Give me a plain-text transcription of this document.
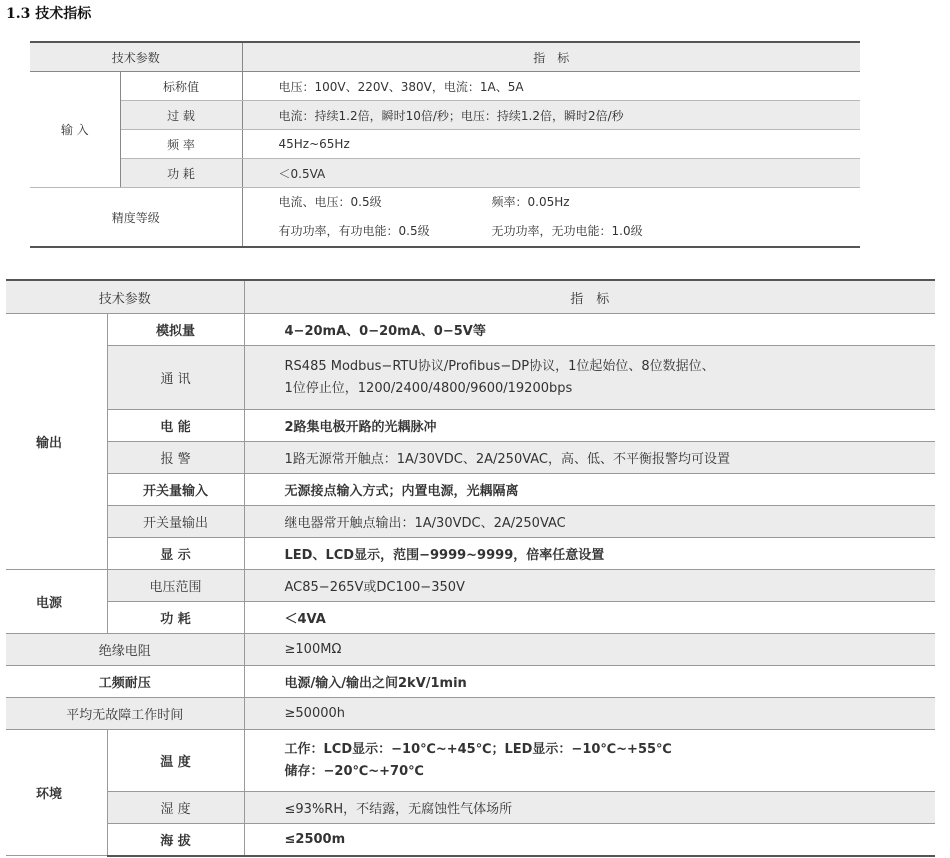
1.3 技术指标
技术参数		指　标
输 入	标称值	电压：100V、220V、380V，电流：1A、5A
	过 载	电流：持续1.2倍，瞬时10倍/秒；电压：持续1.2倍，瞬时2倍/秒
	频 率	45Hz~65Hz
	功 耗	＜0.5VA
精度等级		电流、电压：0.5级 频率：0.05Hz
有功功率，有功电能：0.5级 无功功率，无功电能：1.0级
技术参数		指　标
输出	模拟量	4−20mA、0−20mA、0−5V等
	通 讯	RS485 Modbus−RTU协议/Profibus−DP协议，1位起始位、8位数据位、
1位停止位，1200/2400/4800/9600/19200bps

	电 能	2路集电极开路的光耦脉冲
	报 警	1路无源常开触点：1A/30VDC、2A/250VAC，高、低、不平衡报警均可设置
	开关量输入	无源接点输入方式；内置电源，光耦隔离
	开关量输出	继电器常开触点输出：1A/30VDC、2A/250VAC
	显 示	LED、LCD显示，范围−9999~9999，倍率任意设置
电源	电压范围	AC85−265V或DC100−350V
	功 耗	＜4VA
绝缘电阻		≥100MΩ
工频耐压		电源/输入/输出之间2kV/1min
平均无故障工作时间		≥50000h
环境	温 度	工作：LCD显示：−10℃~+45℃；LED显示：−10℃~+55℃
储存：−20℃~+70℃

	湿 度	≤93%RH，不结露，无腐蚀性气体场所
	海 拔	≤2500m
